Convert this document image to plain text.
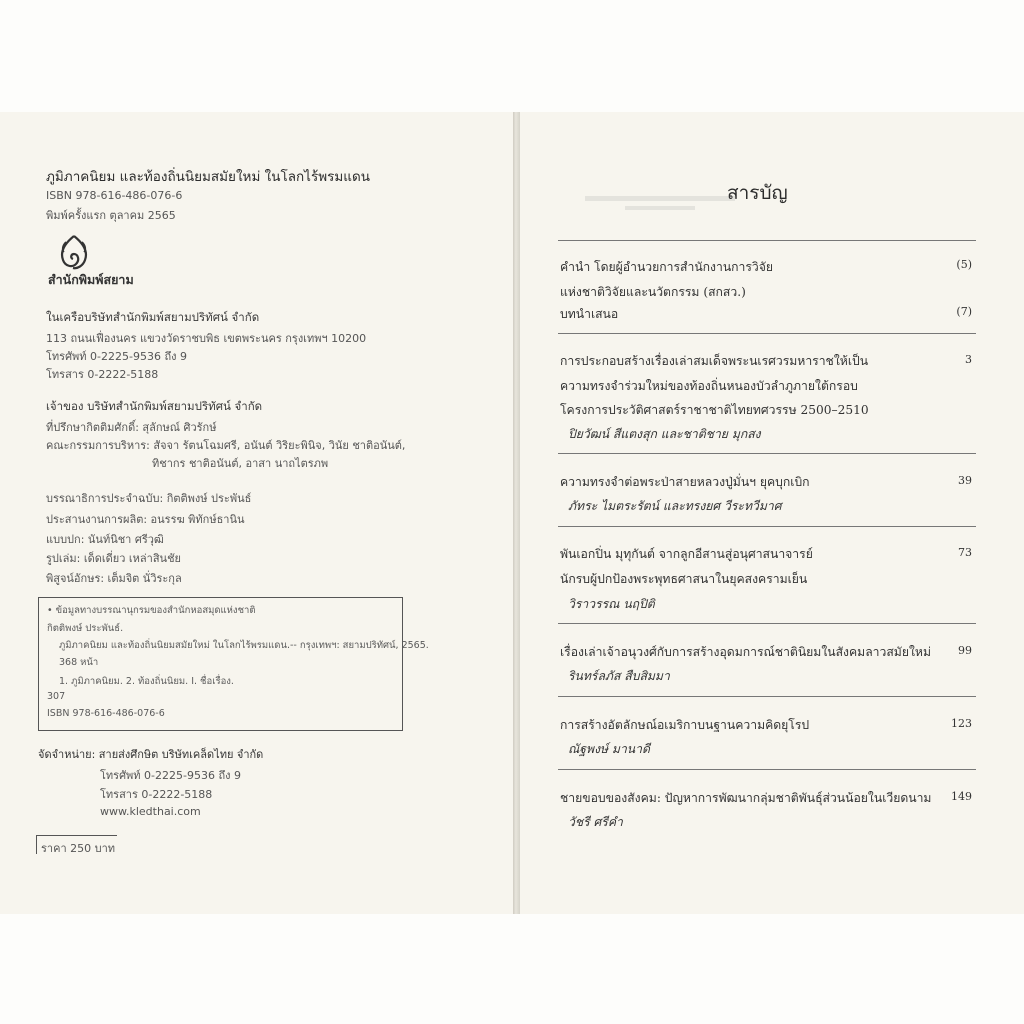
ภูมิภาคนิยม และท้องถิ่นนิยมสมัยใหม่ ในโลกไร้พรมแดน
ISBN 978-616-486-076-6
พิมพ์ครั้งแรก ตุลาคม 2565
สำนักพิมพ์สยาม
ในเครือบริษัทสำนักพิมพ์สยามปริทัศน์ จำกัด
113 ถนนเฟื่องนคร แขวงวัดราชบพิธ เขตพระนคร กรุงเทพฯ 10200
โทรศัพท์ 0-2225-9536 ถึง 9
โทรสาร 0-2222-5188
เจ้าของ บริษัทสำนักพิมพ์สยามปริทัศน์ จำกัด
ที่ปรึกษากิตติมศักดิ์: สุลักษณ์ ศิวรักษ์
คณะกรรมการบริหาร: สัจจา รัตนโฉมศรี, อนันต์ วิริยะพินิจ, วินัย ชาติอนันต์,
ทิชากร ชาติอนันต์, อาสา นาถไตรภพ
บรรณาธิการประจำฉบับ: กิตติพงษ์ ประพันธ์
ประสานงานการผลิต: อนรรฆ พิทักษ์ธานิน
แบบปก: นันท์นิชา ศรีวุฒิ
รูปเล่ม: เด็ดเดี่ยว เหล่าสินชัย
พิสูจน์อักษร: เต็มจิต นั่วิระกุล
• ข้อมูลทางบรรณานุกรมของสำนักหอสมุดแห่งชาติ
กิตติพงษ์ ประพันธ์.
ภูมิภาคนิยม และท้องถิ่นนิยมสมัยใหม่ ในโลกไร้พรมแดน.-- กรุงเทพฯ: สยามปริทัศน์, 2565.
368 หน้า
1. ภูมิภาคนิยม. 2. ท้องถิ่นนิยม. I. ชื่อเรื่อง.
307
ISBN 978-616-486-076-6
จัดจำหน่าย: สายส่งศึกษิต บริษัทเคล็ดไทย จำกัด
โทรศัพท์ 0-2225-9536 ถึง 9
โทรสาร 0-2222-5188
www.kledthai.com
ราคา 250 บาท
สารบัญ
คำนำ โดยผู้อำนวยการสำนักงานการวิจัย
แห่งชาติวิจัยและนวัตกรรม (สกสว.)
(5)
บทนำเสนอ	(7)
การประกอบสร้างเรื่องเล่าสมเด็จพระนเรศวรมหาราชให้เป็น
ความทรงจำร่วมใหม่ของท้องถิ่นหนองบัวลำภูภายใต้กรอบ
โครงการประวัติศาสตร์ราชาชาติไทยทศวรรษ 2500–2510
ปิยวัฒน์ สีแตงสุก และชาติชาย มุกสง
3
ความทรงจำต่อพระป่าสายหลวงปู่มั่นฯ ยุคบุกเบิก
ภัทระ ไมตระรัตน์ และทรงยศ วีระทวีมาศ
39
พันเอกปิ่น มุทุกันต์ จากลูกอีสานสู่อนุศาสนาจารย์
นักรบผู้ปกป้องพระพุทธศาสนาในยุคสงครามเย็น
วิราวรรณ นฤปิติ
73
เรื่องเล่าเจ้าอนุวงศ์กับการสร้างอุดมการณ์ชาตินิยมในสังคมลาวสมัยใหม่
รินทร์ลภัส สืบสิมมา
99
การสร้างอัตลักษณ์อเมริกาบนฐานความคิดยุโรป
ณัฐพงษ์ มานาดี
123
ชายขอบของสังคม: ปัญหาการพัฒนากลุ่มชาติพันธุ์ส่วนน้อยในเวียดนาม
วัชรี ศรีคำ
149
